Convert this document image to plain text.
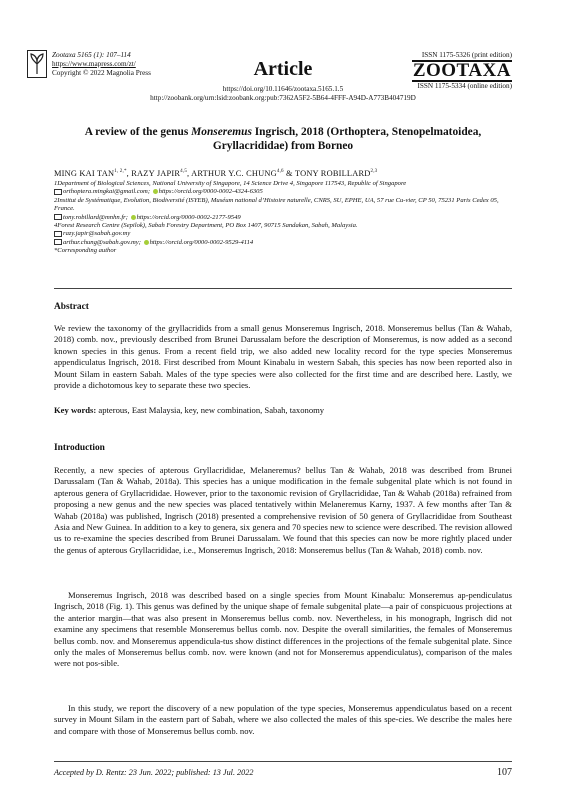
Zootaxa 5165 (1): 107–114
https://www.mapress.com/zt/
Copyright © 2022 Magnolia Press	Article
ISSN 1175-5326 (print edition)
ZOOTAXA
ISSN 1175-5334 (online edition)
https://doi.org/10.11646/zootaxa.5165.1.5
http://zoobank.org/urn:lsid:zoobank.org:pub:7362A5F2-5B64-4FFF-A94D-A773B404719D
A review of the genus Monseremus Ingrisch, 2018 (Orthoptera, Stenopelmatoidea,
Gryllacrididae) from Borneo
MING KAI $TAN^{1, 2,*}$, RAZY JAPIR$^{4,5}$, ARTHUR Y.C. CHUNG$^{4,6}$ & TONY ROBILLARD$^{2,3}$
1Department of Biological Sciences, National University of Singapore, 14 Science Drive 4, Singapore 117543, Republic of Singapore
orthoptera.mingkai@gmail.com; https://orcid.org/0000-0002-4324-6305
2Institut de Systématique, Evolution, Biodiversité (ISYEB), Muséum national d’Histoire naturelle, CNRS, SU, EPHE, UA, 57 rue Cu-vier, CP 50, 75231 Paris Cedex 05, France.
tony.robillard@mnhn.fr; https://orcid.org/0000-0002-2177-9549
4Forest Research Centre (Sepilok), Sabah Forestry Department, PO Box 1407, 90715 Sandakan, Sabah, Malaysia.
razy.japir@sabah.gov.my
arthur.chung@sabah.gov.my; https://orcid.org/0000-0002-9529-4114
*Corresponding author
Abstract
We review the taxonomy of the gryllacridids from a small genus Monseremus Ingrisch, 2018. Monseremus bellus (Tan & Wahab, 2018) comb. nov., previously described from Brunei Darussalam before the description of Monseremus, is now added as a second known species in this genus. From a recent field trip, we also added new locality record for the type species Monseremus appendiculatus Ingrisch, 2018. First described from Mount Kinabalu in western Sabah, this species has now been reported also in Mount Silam in eastern Sabah. Males of the type species were also collected for the first time and are described here. Lastly, we provide a dichotomous key to separate these two species.
Key words: apterous, East Malaysia, key, new combination, Sabah, taxonomy
Introduction
Recently, a new species of apterous Gryllacrididae, Melaneremus? bellus Tan & Wahab, 2018 was described from Brunei Darussalam (Tan & Wahab, 2018a). This species has a unique modification in the female subgenital plate which is not found in apterous genera of Gryllacrididae. However, prior to the taxonomic revision of Gryllacrididae, Tan & Wahab (2018a) refrained from proposing a new genus and the new species was placed tentatively within Melaneremus Karny, 1937. A few months after Tan & Wahab (2018a) was published, Ingrisch (2018) presented a comprehensive revision of 50 genera of Gryllacrididae from Southeast Asia and New Guinea. In addition to a key to genera, six genera and 70 species new to science were described. The revision allowed us to re-examine the species described from Brunei Darussalam. We found that this species can now be more rightly placed under the genus of apterous Gryllacrididae, i.e., Monseremus Ingrisch, 2018: Monseremus bellus (Tan & Wahab, 2018) comb. nov.
Monseremus Ingrisch, 2018 was described based on a single species from Mount Kinabalu: Monseremus ap-pendiculatus Ingrisch, 2018 (Fig. 1). This genus was defined by the unique shape of female subgenital plate—a pair of conspicuous projections at the anterior margin—that was also present in Monseremus bellus comb. nov. Nevertheless, in his monograph, Ingrisch did not examine any specimens that resemble Monseremus bellus comb. nov. Despite the overall similarities, the females of Monseremus bellus comb. nov. and Monseremus appendicula-tus show distinct differences in the projections of the female subgenital plate. Since only the males of Monseremus bellus comb. nov. were known (and not for Monseremus appendiculatus), comparison of the males were not pos-sible.
In this study, we report the discovery of a new population of the type species, Monseremus appendiculatus based on a recent survey in Mount Silam in the eastern part of Sabah, where we also collected the males of this spe-cies. We describe the males here and compare with those of Monseremus bellus comb. nov.
Accepted by D. Rentz: 23 Jun. 2022; published: 13 Jul. 2022	107
